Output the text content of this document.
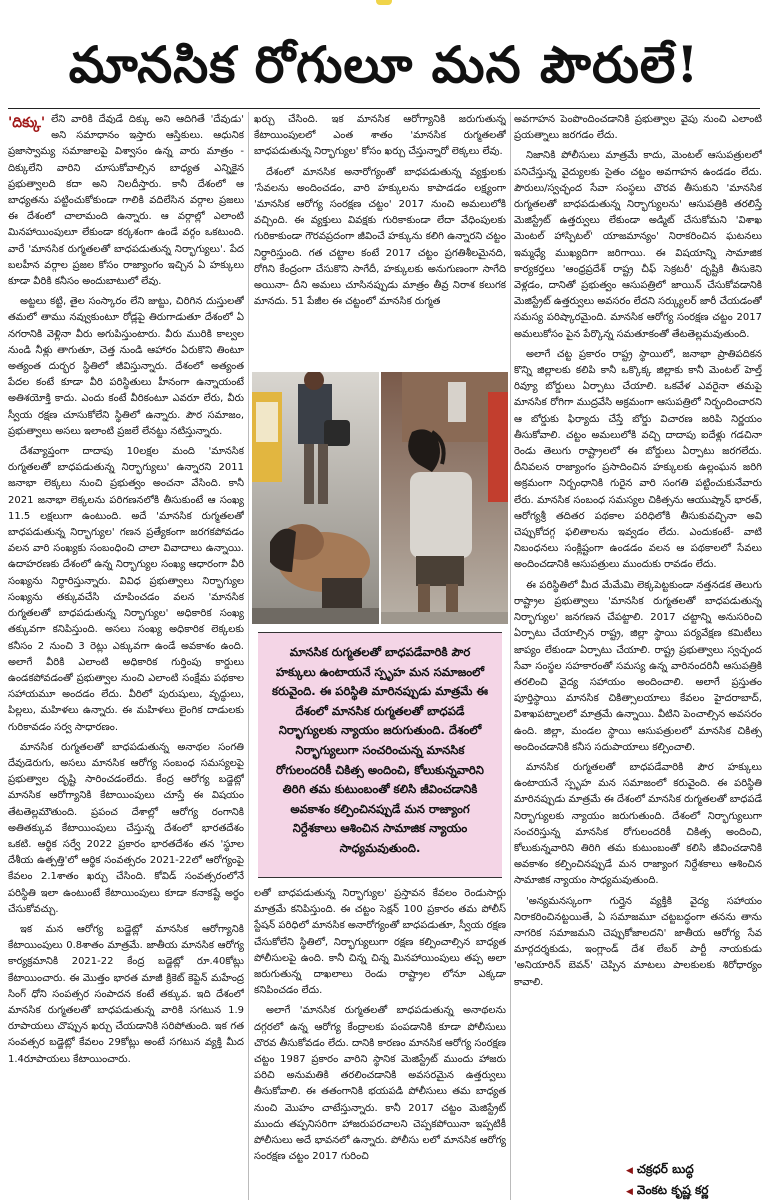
మానసిక రోగులూ మన పౌరులే!

'దిక్కు' లేని వారికి దేవుడే దిక్కు అని ఆదిగితే 'దేవుడు' అని సమాధానం ఇస్తారు ఆస్తికులు. ఆధునిక ప్రజాస్వామ్య సమాజాలపై విశ్వాసం ఉన్న వారు మాత్రం - దిక్కులేని వారిని చూసుకోవాల్సిన బాధ్యత ఎన్నికైన ప్రభుత్వాలది కదా అని నిలదీస్తారు. కానీ దేశంలో ఆ బాధ్యతను పట్టించుకోకుండా గాలికి వదిలేసిన వర్గాల ప్రజలు ఈ దేశంలో చాలామంది ఉన్నారు. ఆ వర్గాల్లో ఎలాంటి మినహాయింపులూ లేకుండా కర్కశంగా ఉండే వర్గం ఒకటుంది. వారే 'మానసిక రుగ్మతలతో బాధపడుతున్న నిర్భాగ్యులు'. పేద బలహీన వర్గాల ప్రజల కోసం రాజ్యాంగం ఇచ్చిన ఏ హక్కులు కూడా వీరికి కనీసం అందుబాటులో లేవు.

అట్టలు కట్టి, తైల సంస్కారం లేని జుట్టు, చిరిగిన దుస్తులతో తమలో తాము నవ్వుకుంటూ రోడ్లపై తిరుగాడుతూ దేశంలో ఏ నగరానికి వెళ్లినా వీరు అగుపిస్తుంటారు. వీరు మురికి కాల్వల నుండి నీళ్లు తాగుతూ, చెత్త నుండి ఆహారం ఏరుకొని తింటూ అత్యంత దుర్భర స్థితిలో జీవిస్తున్నారు. దేశంలో అత్యంత పేదల కంటే కూడా వీరి పరిస్థితులు హీనంగా ఉన్నాయంటే అతిశయోక్తి కాదు. ఎందు కంటే వీరికంటూ ఎవరూ లేరు, వీరు స్వీయ రక్షణ చూసుకోలేని స్థితిలో ఉన్నారు. పౌర సమాజం, ప్రభుత్వాలు అసలు ఇలాంటి ప్రజలే లేనట్టు నటిస్తున్నారు.

దేశవ్యాప్తంగా దాదాపు 10లక్షల మంది 'మానసిక రుగ్మతలతో బాధపడుతున్న నిర్భాగ్యులు' ఉన్నారని 2011 జనాభా లెక్కలు నుంచి ప్రభుత్వం అంచనా వేసింది. కానీ 2021 జనాభా లెక్కలను పరిగణనలోకి తీసుకుంటే ఆ సంఖ్య 11.5 లక్షలుగా ఉంటుంది. అదే 'మానసిక రుగ్మతలతో బాధపడుతున్న నిర్భాగ్యుల' గణన ప్రత్యేకంగా జరగకపోవడం వలన వారి సంఖ్యకు సంబంధించి చాలా వివాదాలు ఉన్నాయి. ఉదాహరణకు దేశంలో ఉన్న నిర్భాగ్యుల సంఖ్య ఆధారంగా వీరి సంఖ్యను నిర్ధారిస్తున్నారు. వివిధ ప్రభుత్వాలు నిర్భాగ్యుల సంఖ్యను తక్కువచేసి చూపించడం వలన 'మానసిక రుగ్మతలతో బాధపడుతున్న నిర్భాగ్యుల' అధికారిక సంఖ్య తక్కువగా కనిపిస్తుంది. అసలు సంఖ్య అధికారిక లెక్కలకు కనీసం 2 నుంచి 3 రెట్లు ఎక్కువగా ఉండే అవకాశం ఉంది. అలాగే వీరికి ఎలాంటి అధికారిక గుర్తింపు కార్డులు ఉండకపోవడంతో ప్రభుత్వాల నుంచి ఎలాంటి సంక్షేమ పథకాల సహాయమూ అందడం లేదు. వీరిలో పురుషులు, వృద్ధులు, పిల్లలు, మహిళలు ఉన్నారు. ఈ మహిళలు లైంగిక దాడులకు గురికావడం సర్వ సాధారణం.

మానసిక రుగ్మతలతో బాధపడుతున్న అనాథల సంగతి దేవుడెరుగు, అసలు మానసిక ఆరోగ్య సంబంధ సమస్యలపై ప్రభుత్వాల దృష్టి సారించడంలేదు. కేంద్ర ఆరోగ్య బడ్జెట్లో మానసిక ఆరోగ్యానికి కేటాయింపులు చూస్తే ఈ విషయం తేటతెల్లమౌతుంది. ప్రపంచ దేశాల్లో ఆరోగ్య రంగానికి అతితక్కువ కేటాయింపులు చేస్తున్న దేశంలో భారతదేశం ఒకటి. ఆర్థిక సర్వే 2022 ప్రకారం భారతదేశం తన 'స్థూల దేశీయ ఉత్పత్తి'లో ఆర్థిక సంవత్సరం 2021-22లో ఆరోగ్యంపై కేవలం 2.1శాతం ఖర్చు చేసింది. కోవిడ్ సంవత్సరంలోనే పరిస్థితి ఇలా ఉంటుంటే కేటాయింపులు కూడా కనాకష్టే అర్థం చేసుకోవచ్చు.

ఇక మన ఆరోగ్య బడ్జెట్లో మానసిక ఆరోగ్యానికి కేటాయింపులు 0.8శాతం మాత్రమే. జాతీయ మానసిక ఆరోగ్య కార్యక్రమానికి 2021-22 కేంద్ర బడ్జెట్లో రూ.40కోట్లు కేటాయించారు. ఈ మొత్తం భారత మాజీ క్రికెట్ కెప్టెన్ మహేంద్ర సింగ్ ధోని సంపత్సర సంపాదన కంటే తక్కువ. ఇది దేశంలో మానసిక రుగ్మతలతో బాధపడుతున్న వారికి సగటున 1.9 రూపాయలు చొప్పున ఖర్చు చేయడానికి సరిపోతుంది. ఇక గత సంవత్సర బడ్జెట్లో కేవలం 29కోట్లు అంటే సగటున వ్యక్తి మీద 1.4రూపాయలు కేటాయించారు.

ఖర్చు చేసింది. ఇక మానసిక ఆరోగ్యానికి జరుగుతున్న కేటాయింపులలో ఎంత శాతం 'మానసిక రుగ్మతలతో బాధపడుతున్న నిర్భాగ్యుల' కోసం ఖర్చు చేస్తున్నారో లెక్కలు లేవు.

దేశంలో మానసిక అనారోగ్యంతో బాధపడుతున్న వ్యక్తులకు 'సేవలను అందించడం, వారి హక్కులను కాపాడడం లక్ష్యంగా 'మానసిక ఆరోగ్య సంరక్షణ చట్టం' 2017 నుంచి అమలులోకి వచ్చింది. ఈ వ్యక్తులు వివక్షకు గురికాకుండా లేదా వేధింపులకు గురికాకుండా గౌరవప్రదంగా జీవించే హక్కును కలిగి ఉన్నారని చట్టం నిర్ధారిస్తుంది. గత చట్టాల కంటే 2017 చట్టం ప్రగతిశీలమైనది, రోగిని కేంద్రంగా చేసుకొని సాగేదీ, హక్కులకు అనుగుణంగా సాగేది అయినా- దీని అమలు చూసినప్పుడు మాత్రం తీవ్ర నిరాశ కలుగక మానదు. 51 పేజీల ఈ చట్టంలో మానసిక రుగ్మత

మానసిక రుగ్మతలతో బాధపడేవారికి పౌర హక్కులు ఉంటాయనే స్పృహ మన సమాజంలో కరువైంది. ఈ పరిస్థితి మారినప్పుడు మాత్రమే ఈ దేశంలో మానసిక రుగ్మతలతో బాధపడే నిర్భాగ్యులకు న్యాయం జరుగుతుంది. దేశంలో నిర్భాగ్యులుగా సంచరించున్న మానసిక రోగులందరికీ చికిత్స అందించి, కోలుకున్నవారిని తిరిగి తమ కుటుంబంతో కలిసి జీవించడానికి అవకాశం కల్పించినప్పుడే మన రాజ్యాంగ నిర్దేశకాలు ఆశించిన సామాజిక న్యాయం సాధ్యమవుతుంది.

లతో బాధపడుతున్న నిర్భాగ్యుల' ప్రస్తావన కేవలం రెండుసార్లు మాత్రమే కనిపిస్తుంది. ఈ చట్టం సెక్షన్ 100 ప్రకారం తమ పోలీస్ స్టేషన్ పరిధిలో మానసిక అనారోగ్యంతో బాధపడుతూ, స్వీయ రక్షణ చేసుకోలేని స్థితిలో, నిర్భాగ్యులుగా రక్షణ కల్పించాల్సిన బాధ్యత పోలీసులపై ఉంది. కానీ చిన్న చిన్న మినహాయింపులు తప్ప అలా జరుగుతున్న దాఖలాలు రెండు రాష్ట్రాల లోనూ ఎక్కడా కనిపించడం లేదు.

అలాగే 'మానసిక రుగ్మతలతో బాధపడుతున్న అనాథలను దగ్గరలో ఉన్న ఆరోగ్య కేంద్రాలకు పంపడానికి కూడా పోలీసులు చొరవ తీసుకోవడం లేదు. దానికి కారణం మానసిక ఆరోగ్య సంరక్షణ చట్టం 1987 ప్రకారం వారిని స్థానిక మెజిస్ట్రేట్ ముందు హాజరు పరిచి అనుమతికి తరలించడానికి అవసరమైన ఉత్తర్వులు తీసుకోవాలి. ఈ తతంగానికి భయపడి పోలీసులు తమ బాధ్యత నుంచి మొహం చాటేస్తున్నారు. కానీ 2017 చట్టం మెజిస్ట్రేట్ ముందు తప్పనిసరిగా హాజరుపరచాలని చెప్పకపోయినా ఇప్పటికీ పోలీసులు అదే భావనలో ఉన్నారు. పోలీసు లలో మానసిక ఆరోగ్య సంరక్షణ చట్టం 2017 గురించి

అవగాహన పెంపొందించడానికి ప్రభుత్వాల వైపు నుంచి ఎలాంటి ప్రయత్నాలు జరగడం లేదు.

నిజానికి పోలీసులు మాత్రమే కాదు, మెంటల్ ఆసుపత్రులలో పనిచేస్తున్న వైద్యులకు సైతం చట్టం అవగాహన ఉండడం లేదు. పౌరులు/స్వచ్ఛంద సేవా సంస్థలు చొరవ తీసుకుని 'మానసిక రుగ్మతలతో బాధపడుతున్న నిర్భాగ్యులను' ఆసుపత్రికి తరలిస్తే మెజిస్ట్రేట్ ఉత్తర్వులు లేకుండా అడ్మిట్ చేసుకోమని 'విశాఖ మెంటల్ హాస్పిటల్' యాజమాన్యం' నిరాకరించిన ఘటనలు ఇమ్మధ్యే ముఖ్యదిగా జరిగాయి. ఈ విషయాన్ని సామాజిక కార్యకర్తలు 'ఆంధ్రప్రదేశ్ రాష్ట్ర చీఫ్ సెక్రటరీ' దృష్టికి తీసుకెని వెళ్లడం, దానితో ప్రభుత్వం ఆసుపత్రిలో జాయిన్ చేసుకోవడానికి మెజిస్ట్రేట్ ఉత్తర్వులు అవసరం లేదని సర్క్యులర్ జారీ చేయడంతో సమస్య పరిష్కారమైంది. మానసిక ఆరోగ్య సంరక్షణ చట్టం 2017 అమలుకోసం పైన పేర్కొన్న సమతూకంతో తేటతెల్లమవుతుంది.

అలాగే చట్ట ప్రకారం రాష్ట్ర స్థాయిలో, జనాభా ప్రాతిపదికన కొన్ని జిల్లాలకు కలిపి కానీ ఒక్కొక్క జిల్లాకు కానీ మెంటల్ హెల్త్ రివ్యూ బోర్డులు ఏర్పాటు చేయాలి. ఒకవేళ ఎవరైనా తమపై మానసిక రోగిగా ముద్రవేసి అక్రమంగా ఆసుపత్రిలో నిర్భందించారని ఆ బోర్డుకు ఫిర్యాదు చేస్తే బోర్డు విచారణ జరిపి నిర్ణయం తీసుకోవాలి. చట్టం అమలులోకి వచ్చి దాదాపు ఐదేళ్లు గడచినా రెండు తెలుగు రాష్ట్రాలలో ఈ బోర్డులు ఏర్పాటు జరగలేదు. దీనివలన రాజ్యాంగం ప్రసాదించిన హక్కులకు ఉల్లంఘన జరిగి అక్రమంగా నిర్బంధానికి గురైన వారి సంగతి పట్టించుకునేవారు లేరు. మానసిక సంబంధ సమస్యల చికిత్సను ఆయుష్మాన్ భారత్, ఆరోగ్యశ్రీ తదితర పథకాల పరిధిలోకి తీసుకువచ్చినా అవి చెప్పుకోదగ్గ ఫలితాలను ఇవ్వడం లేదు. ఎందుకంటే- వాటి నిబంధనలు సంక్లిష్టంగా ఉండడం వలన ఆ పథకాలలో సేవలు అందించడానికి ఆసుపత్రులు ముందుకు రావడం లేదు.

ఈ పరిస్థితిలో మీద మేమేమి లెక్కపెట్టకుండా నత్తనడక తెలుగు రాష్ట్రాల ప్రభుత్వాలు 'మానసిక రుగ్మతలతో బాధపడుతున్న నిర్భాగ్యుల' జనగణన చేపట్టాలి. 2017 చట్టాన్ని అనుసరించి ఏర్పాటు చేయాల్సిన రాష్ట్ర, జిల్లా స్థాయి పర్యవేక్షణ కమిటీలు జాప్యం లేకుండా ఏర్పాటు చేయాలి. రాష్ట్ర ప్రభుత్వాలు స్వచ్ఛంద సేవా సంస్థల సహకారంతో సమస్య ఉన్న వారినందరినీ ఆసుపత్రికి తరలించి వైద్య సహాయం అందించాలి. అలాగే ప్రస్తుతం పూర్తిస్థాయి మానసిక చికిత్సాలయాలు కేవలం హైదరాబాద్, విశాఖపట్నాలలో మాత్రమే ఉన్నాయి. వీటిని పెంచాల్సిన అవసరం ఉంది. జిల్లా, మండల స్థాయి ఆసుపత్రులలో మానసిక చికిత్స అందించడానికి కనీస సదుపాయాలు కల్పించాలి.

మానసిక రుగ్మతలతో బాధపడేవారికి పౌర హక్కులు ఉంటాయనే స్పృహ మన సమాజంలో కరువైంది. ఈ పరిస్థితి మారినప్పుడు మాత్రమే ఈ దేశంలో మానసిక రుగ్మతలతో బాధపడే నిర్భాగ్యులకు న్యాయం జరుగుతుంది. దేశంలో నిర్భాగ్యులుగా సంచరిస్తున్న మానసిక రోగులందరికీ చికిత్స అందించి, కోలుకున్నవారిని తిరిగి తమ కుటుంబంతో కలిసి జీవించడానికి అవకాశం కల్పించినప్పుడే మన రాజ్యాంగ నిర్దేశకాలు ఆశించిన సామాజిక న్యాయం సాధ్యమవుతుంది.

'అన్యమనస్కంగా గుర్తైన వ్యక్తికి వైద్య సహాయం నిరాకరించినట్టయితే, ఏ సమాజమూ చట్టబద్ధంగా తనను తాను నాగరిక సమాజమని చెప్పుకోజాలదని' జాతీయ ఆరోగ్య సేవ మార్గదర్శకుడు, ఇంగ్లాండ్ దేశ లేబర్ పార్టీ నాయకుడు 'అనియారిన్ బెవన్' చెప్పిన మాటలు పాలకులకు శిరోధార్యం కావాలి.

◀ చక్రధర్ బుద్ధ
◀ వెంకట కృష్ణ కర్ణ
